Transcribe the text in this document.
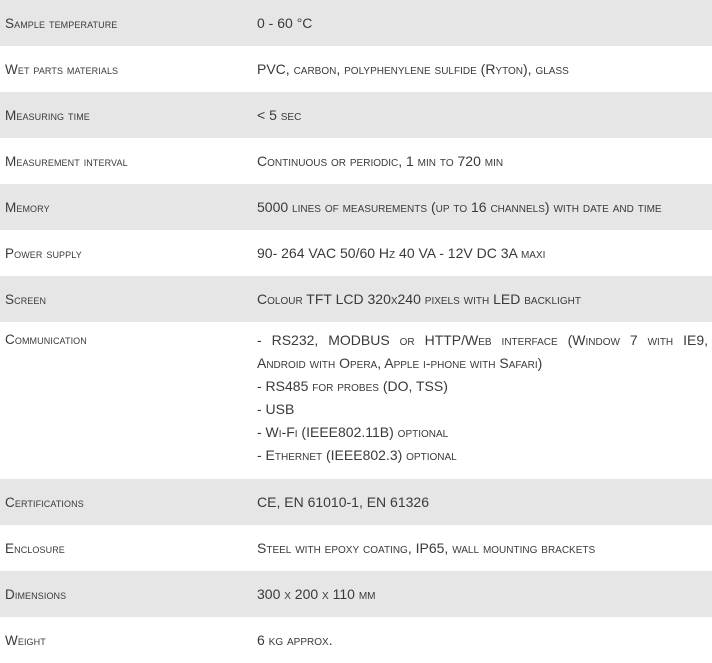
Sample temperature	0 - 60 °C
Wet parts materials	PVC, carbon, polyphenylene sulfide (Ryton), glass
Measuring time	< 5 sec
Measurement interval	Continuous or periodic, 1 min to 720 min
Memory	5000 lines of measurements (up to 16 channels) with date and time
Power supply	90- 264 VAC 50/60 Hz 40 VA - 12V DC 3A maxi
Screen	Colour TFT LCD 320x240 pixels with LED backlight
Communication	- RS232, MODBUS or HTTP/Web interface (Window 7 with IE9,
Android with Opera, Apple i-phone with Safari)
- RS485 for probes (DO, TSS)
- USB
- Wi-Fi (IEEE802.11B) optional
- Ethernet (IEEE802.3) optional
Certifications	CE, EN 61010-1, EN 61326
Enclosure	Steel with epoxy coating, IP65, wall mounting brackets
Dimensions	300 x 200 x 110 mm
Weight	6 kg approx.
